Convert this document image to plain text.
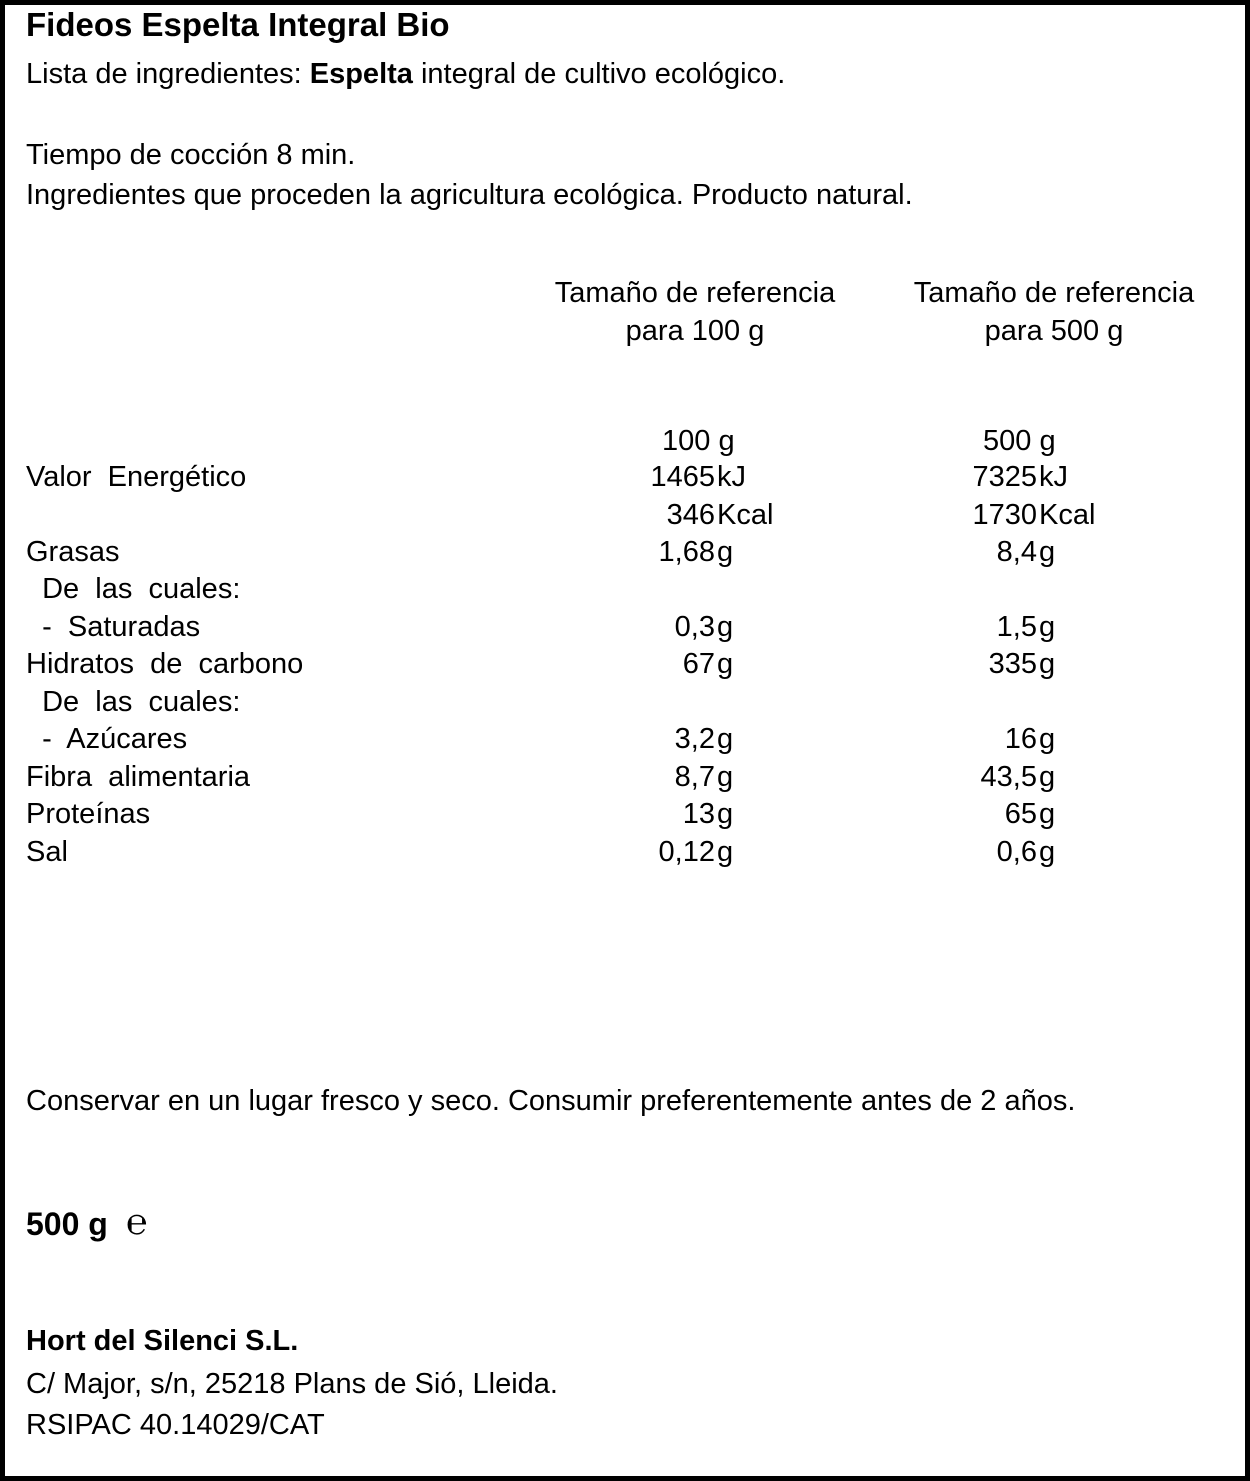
Fideos Espelta Integral Bio
Lista de ingredientes: Espelta integral de cultivo ecológico.
Tiempo de cocción 8 min.
Ingredientes que proceden la agricultura ecológica. Producto natural.
Tamaño de referencia
para 100 g
Tamaño de referencia
para 500 g
100 g	500 g
Valor  Energético	1465 kJ	7325 kJ
346 Kcal	1730 Kcal
Grasas	1,68 g	8,4 g
De  las  cuales:
-  Saturadas	0,3 g	1,5 g
Hidratos  de  carbono	67 g	335 g
De  las  cuales:
-  Azúcares	3,2 g	16 g
Fibra  alimentaria	8,7 g	43,5 g
Proteínas	13 g	65 g
Sal	0,12 g	0,6 g
Conservar en un lugar fresco y seco. Consumir preferentemente antes de 2 años.
500 g ℮
Hort del Silenci S.L.
C/ Major, s/n, 25218 Plans de Sió, Lleida.
RSIPAC 40.14029/CAT
